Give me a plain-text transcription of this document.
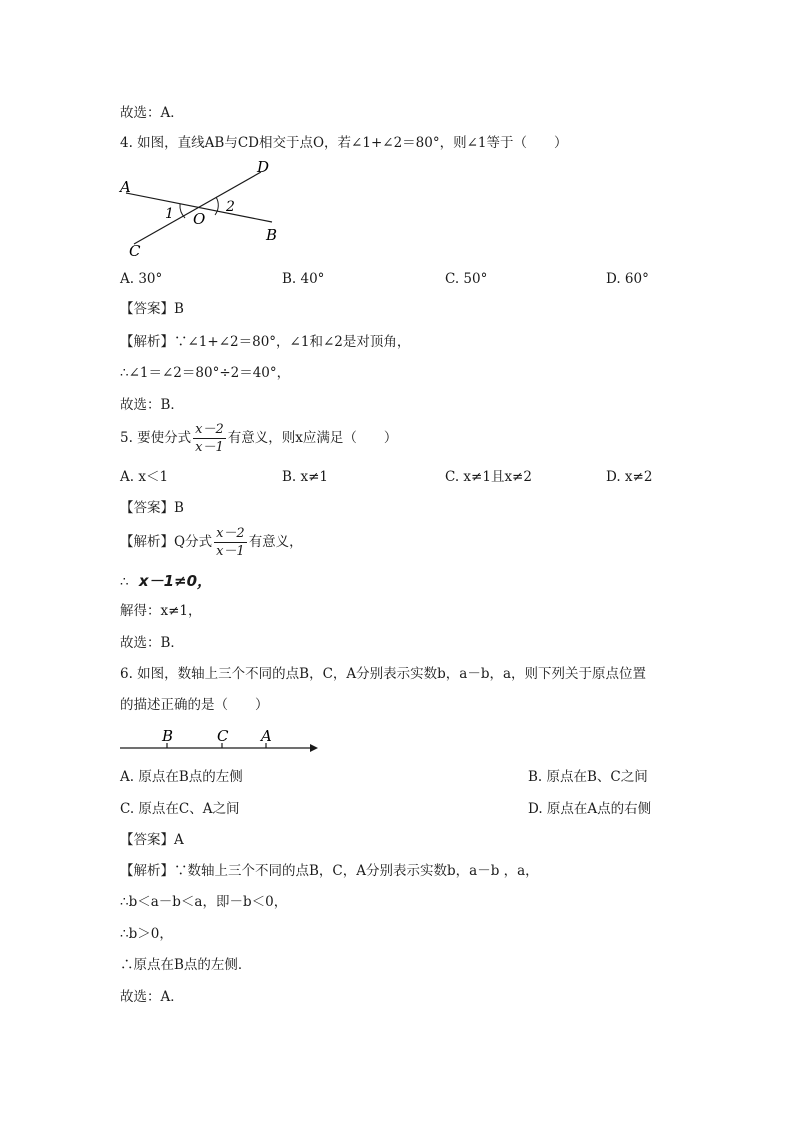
故选：A．
4. 如图，直线AB与CD相交于点O，若∠1+∠2＝80°，则∠1等于（　　）
A
B
C
D
O
1	2
A. 30°	B. 40°	C. 50°	D. 60°
【答案】B
【解析】∵∠1+∠2＝80°，∠1和∠2是对顶角，
∴∠1＝∠2＝80°÷2＝40°，
故选：B．
5. 要使分式 $\frac{x-2}{x-1}$ 有意义，则x应满足（　　）
A. x＜1	B. x≠1	C. x≠1且x≠2	D. x≠2
【答案】B
【解析】Q分式 $\frac{x-2}{x-1}$ 有意义，
∴ x－1≠0，
解得：x≠1，
故选：B．
6. 如图，数轴上三个不同的点B，C，A分别表示实数b，a－b，a，则下列关于原点位置
的描述正确的是（　　）
B	C A
A. 原点在B点的左侧	B. 原点在B、C之间
C. 原点在C、A之间	D. 原点在A点的右侧
【答案】A
【解析】∵数轴上三个不同的点B，C，A分别表示实数b，a－b ，a，
∴b＜a－b＜a，即－b＜0，
∴b＞0，
∴原点在B点的左侧．
故选：A．
